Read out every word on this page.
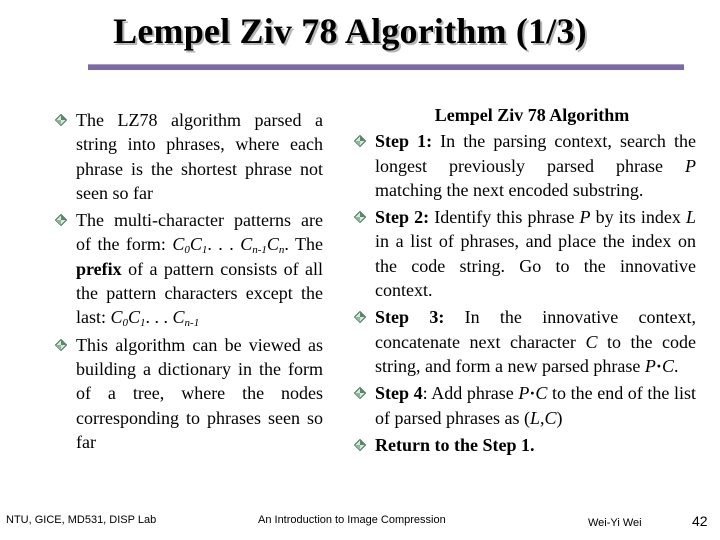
Lempel Ziv 78 Algorithm (1/3)
The LZ78 algorithm parsed a string into phrases, where each phrase is the shortest phrase not seen so far
The multi-character patterns are of the form: $C_0C_1$. . . $C_{n-1}C_n$. The prefix of a pattern consists of all the pattern characters except the last: $C_0C_1$. . . $C_{n-1}$
This algorithm can be viewed as building a dictionary in the form of a tree, where the nodes corresponding to phrases seen so far
Lempel Ziv 78 Algorithm
Step 1: In the parsing context, search the longest previously parsed phrase P matching the next encoded substring.
Step 2: Identify this phrase P by its index L in a list of phrases, and place the index on the code string. Go to the innovative context.
Step 3: In the innovative context, concatenate next character C to the code string, and form a new parsed phrase P·C.
Step 4: Add phrase P·C to the end of the list of parsed phrases as (L,C)
Return to the Step 1.
NTU, GICE, MD531, DISP Lab	An Introduction to Image Compression	Wei-Yi Wei	42
